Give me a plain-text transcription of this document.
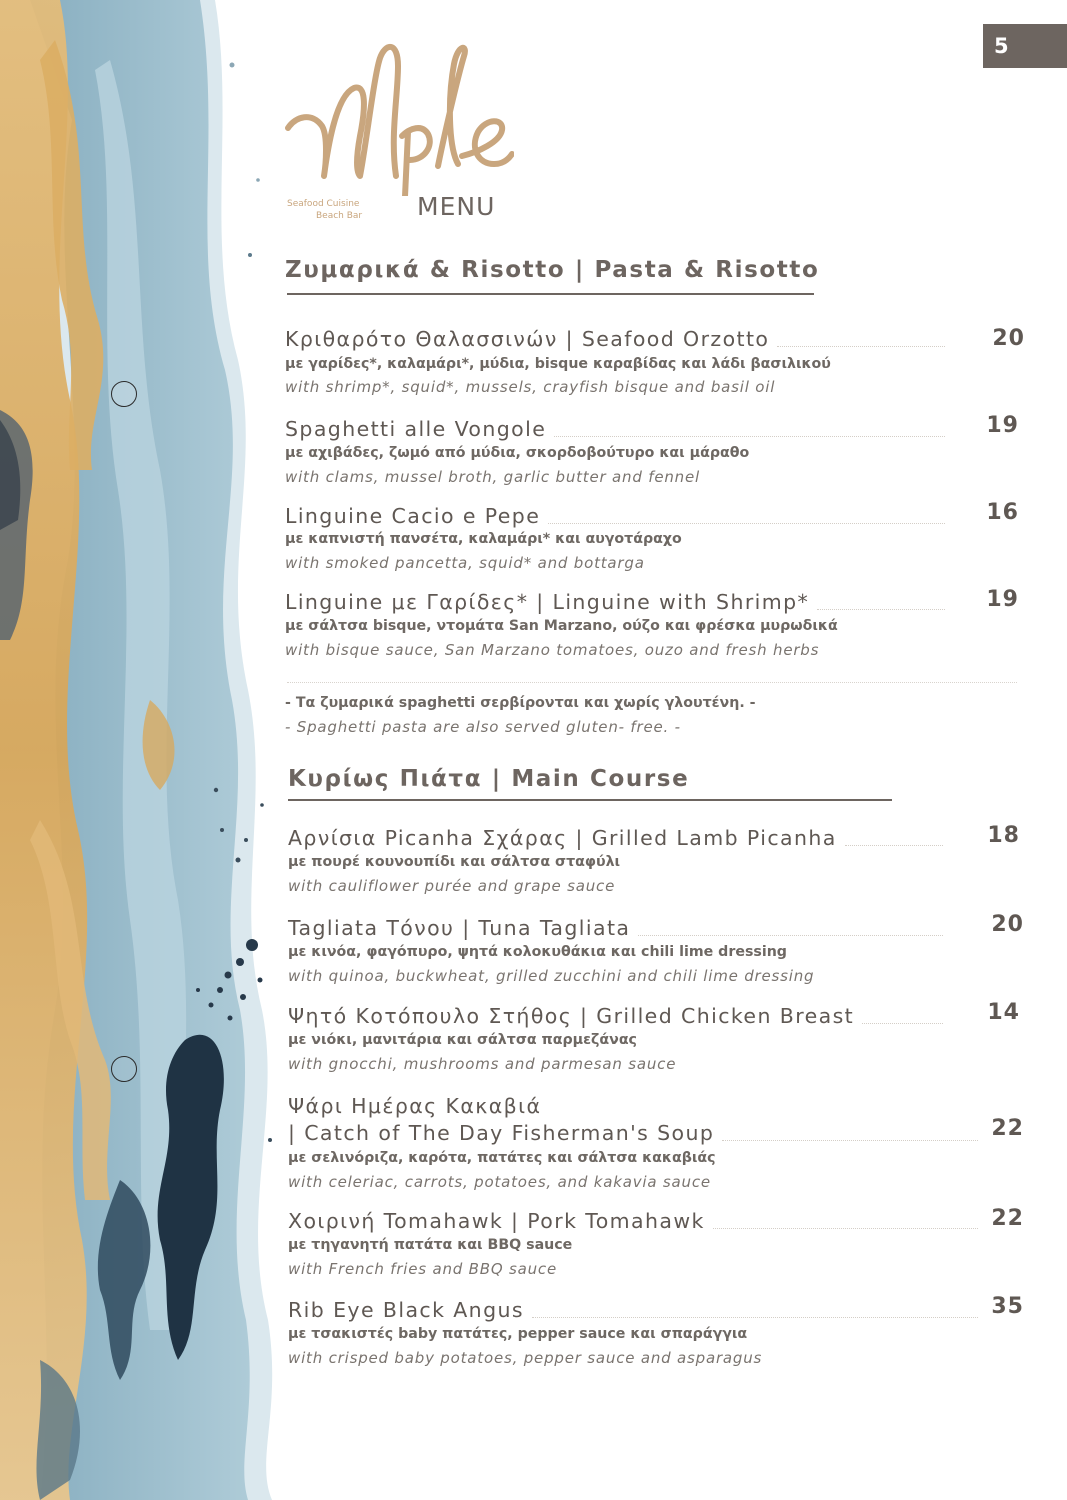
5
Seafood Cuisine
Beach Bar MENU
Ζυμαρικά & Risotto | Pasta & Risotto
Κριθαρότο Θαλασσινών | Seafood Orzotto	20
με γαρίδες*, καλαμάρι*, μύδια, bisque καραβίδας και λάδι βασιλικού
with shrimp*, squid*, mussels, crayfish bisque and basil oil
Spaghetti alle Vongole	19
με αχιβάδες, ζωμό από μύδια, σκορδοβούτυρο και μάραθο
with clams, mussel broth, garlic butter and fennel
Linguine Cacio e Pepe	16
με καπνιστή πανσέτα, καλαμάρι* και αυγοτάραχο
with smoked pancetta, squid* and bottarga
Linguine με Γαρίδες* | Linguine with Shrimp*	19
με σάλτσα bisque, ντομάτα San Marzano, ούζο και φρέσκα μυρωδικά
with bisque sauce, San Marzano tomatoes, ouzo and fresh herbs
- Τα ζυμαρικά spaghetti σερβίρονται και χωρίς γλουτένη. -
- Spaghetti pasta are also served gluten- free. -
Κυρίως Πιάτα | Main Course
Αρνίσια Picanha Σχάρας | Grilled Lamb Picanha	18
με πουρέ κουνουπίδι και σάλτσα σταφύλι
with cauliflower purée and grape sauce
Tagliata Τόνου | Tuna Tagliata	20
με κινόα, φαγόπυρο, ψητά κολοκυθάκια και chili lime dressing
with quinoa, buckwheat, grilled zucchini and chili lime dressing
Ψητό Κοτόπουλο Στήθος | Grilled Chicken Breast	14
με νιόκι, μανιτάρια και σάλτσα παρμεζάνας
with gnocchi, mushrooms and parmesan sauce
Ψάρι Ημέρας Κακαβιά
| Catch of The Day Fisherman's Soup	22
με σελινόριζα, καρότα, πατάτες και σάλτσα κακαβιάς
with celeriac, carrots, potatoes, and kakavia sauce
Χοιρινή Tomahawk | Pork Tomahawk	22
με τηγανητή πατάτα και BBQ sauce
with French fries and BBQ sauce
Rib Eye Black Angus	35
με τσακιστές baby πατάτες, pepper sauce και σπαράγγια
with crisped baby potatoes, pepper sauce and asparagus
